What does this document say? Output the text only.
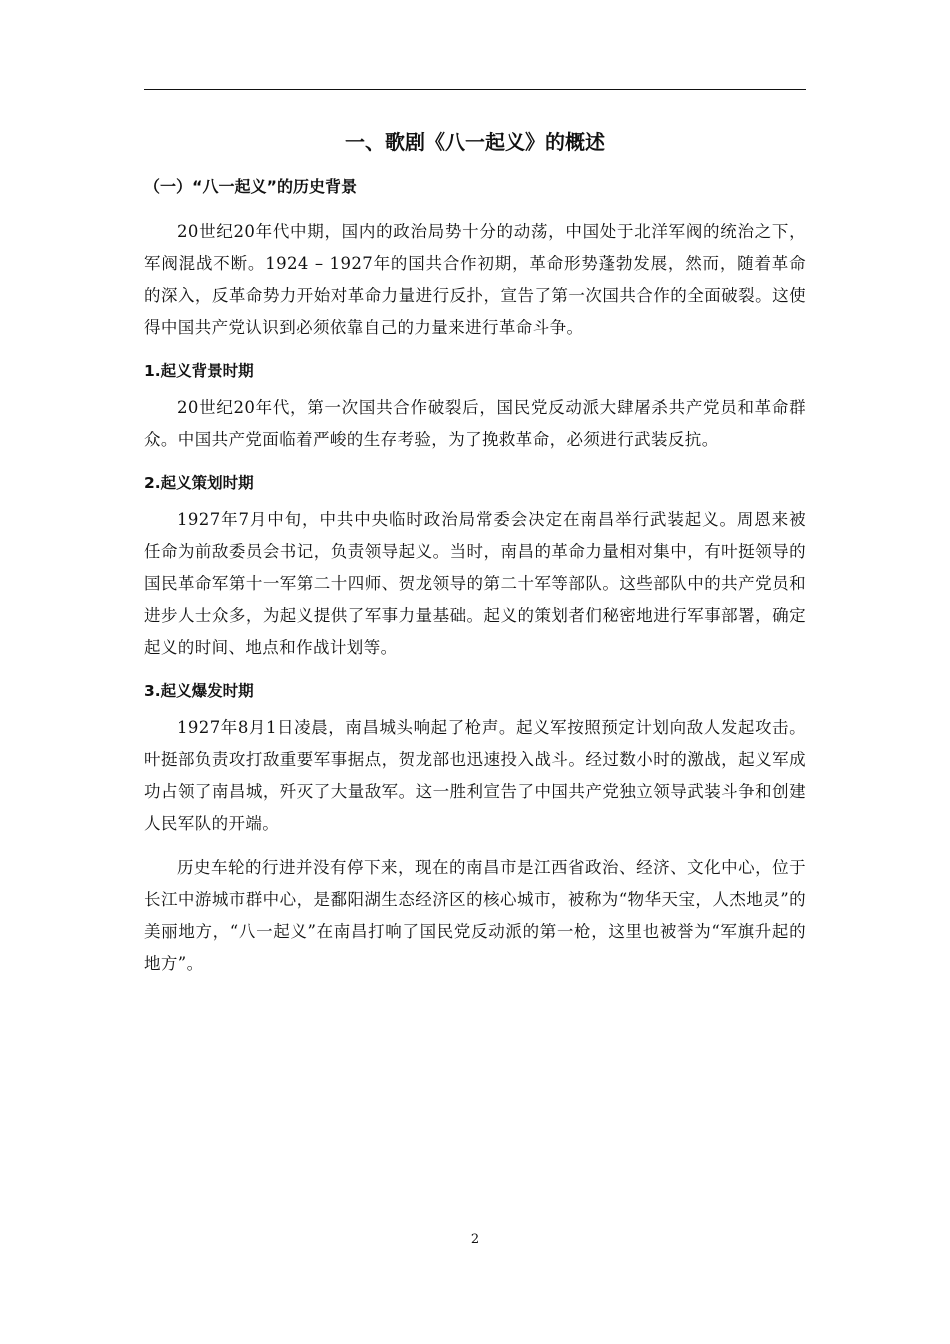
一、歌剧《八一起义》的概述
（一）“八一起义”的历史背景

20世纪20年代中期，国内的政治局势十分的动荡，中国处于北洋军阀的统治之下，军阀混战不断。1924 – 1927年的国共合作初期，革命形势蓬勃发展，然而，随着革命的深入，反革命势力开始对革命力量进行反扑，宣告了第一次国共合作的全面破裂。这使得中国共产党认识到必须依靠自己的力量来进行革命斗争。

1.起义背景时期

20世纪20年代，第一次国共合作破裂后，国民党反动派大肆屠杀共产党员和革命群众。中国共产党面临着严峻的生存考验，为了挽救革命，必须进行武装反抗。

2.起义策划时期

1927年7月中旬，中共中央临时政治局常委会决定在南昌举行武装起义。周恩来被任命为前敌委员会书记，负责领导起义。当时，南昌的革命力量相对集中，有叶挺领导的国民革命军第十一军第二十四师、贺龙领导的第二十军等部队。这些部队中的共产党员和进步人士众多，为起义提供了军事力量基础。起义的策划者们秘密地进行军事部署，确定起义的时间、地点和作战计划等。

3.起义爆发时期

1927年8月1日凌晨，南昌城头响起了枪声。起义军按照预定计划向敌人发起攻击。叶挺部负责攻打敌重要军事据点，贺龙部也迅速投入战斗。经过数小时的激战，起义军成功占领了南昌城，歼灭了大量敌军。这一胜利宣告了中国共产党独立领导武装斗争和创建人民军队的开端。

历史车轮的行进并没有停下来，现在的南昌市是江西省政治、经济、文化中心，位于长江中游城市群中心，是鄱阳湖生态经济区的核心城市，被称为“物华天宝，人杰地灵”的美丽地方，“八一起义”在南昌打响了国民党反动派的第一枪，这里也被誉为“军旗升起的地方”。

2
